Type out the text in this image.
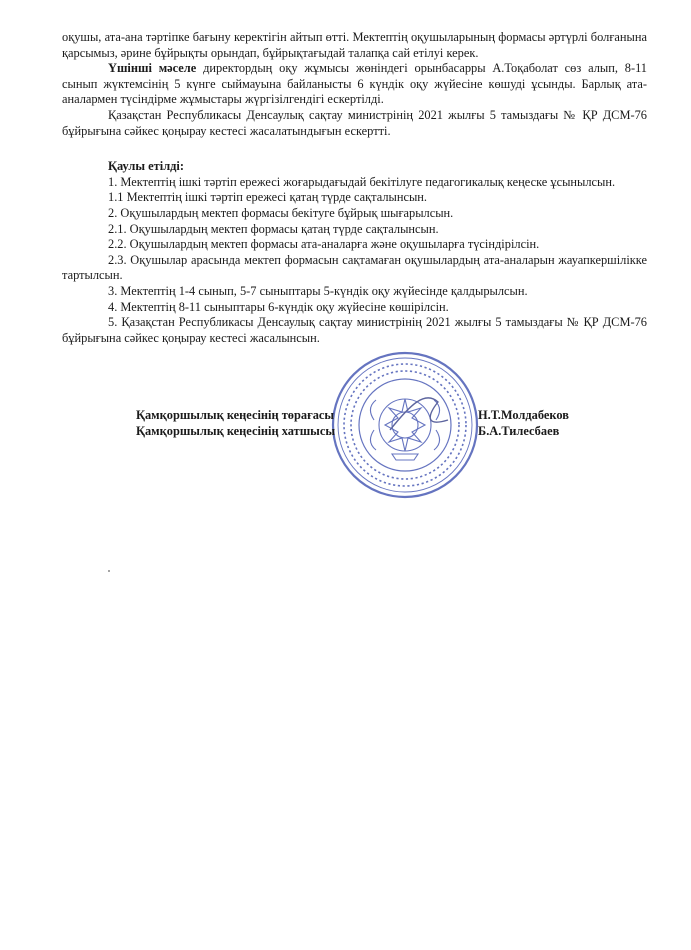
оқушы, ата-ана тәртіпке бағыну керектігін айтып өтті. Мектептің оқушыларының формасы әртүрлі болғанына қарсымыз, әрине бұйрықты орындап, бұйрықтағыдай талапқа сай етілуі керек.

Үшінші мәселе директордың оқу жұмысы жөніндегі орынбасарры А.Тоқаболат сөз алып, 8-11 сынып жүктемсінің 5 күнге сыймауына байланысты 6 күндік оқу жүйесіне көшуді ұсынды. Барлық ата-аналармен түсіндірме жұмыстары жүргізілгендігі ескертілді.

Қазақстан Республикасы Денсаулық сақтау министрінің 2021 жылғы 5 тамыздағы № ҚР ДСМ-76 бұйрығына сәйкес қоңырау кестесі жасалатындығын ескертті.

Қаулы етілді:

1. Мектептің ішкі тәртіп ережесі жоғарыдағыдай бекітілуге педагогикалық кеңеске ұсынылсын.

1.1 Мектептің ішкі тәртіп ережесі қатаң түрде сақталынсын.

2. Оқушылардың мектеп формасы бекітуге бұйрық шығарылсын.

2.1. Оқушылардың мектеп формасы қатаң түрде сақталынсын.

2.2. Оқушылардың мектеп формасы ата-аналарға және оқушыларға түсіндірілсін.

2.3. Оқушылар арасында мектеп формасын сақтамаған оқушылардың ата-аналарын жауапкершілікке тартылсын.

3. Мектептің 1-4 сынып, 5-7 сыныптары 5-күндік оқу жүйесінде қалдырылсын.

4. Мектептің 8-11 сыныптары 6-күндік оқу жүйесіне көшірілсін.

5. Қазақстан Республикасы Денсаулық сақтау министрінің 2021 жылғы 5 тамыздағы № ҚР ДСМ-76 бұйрығына сәйкес қоңырау кестесі жасалынсын.

Қамқоршылық кеңесінің төрағасы	Н.Т.Молдабеков
Қамқоршылық кеңесінің хатшысы	Б.А.Тилесбаев
